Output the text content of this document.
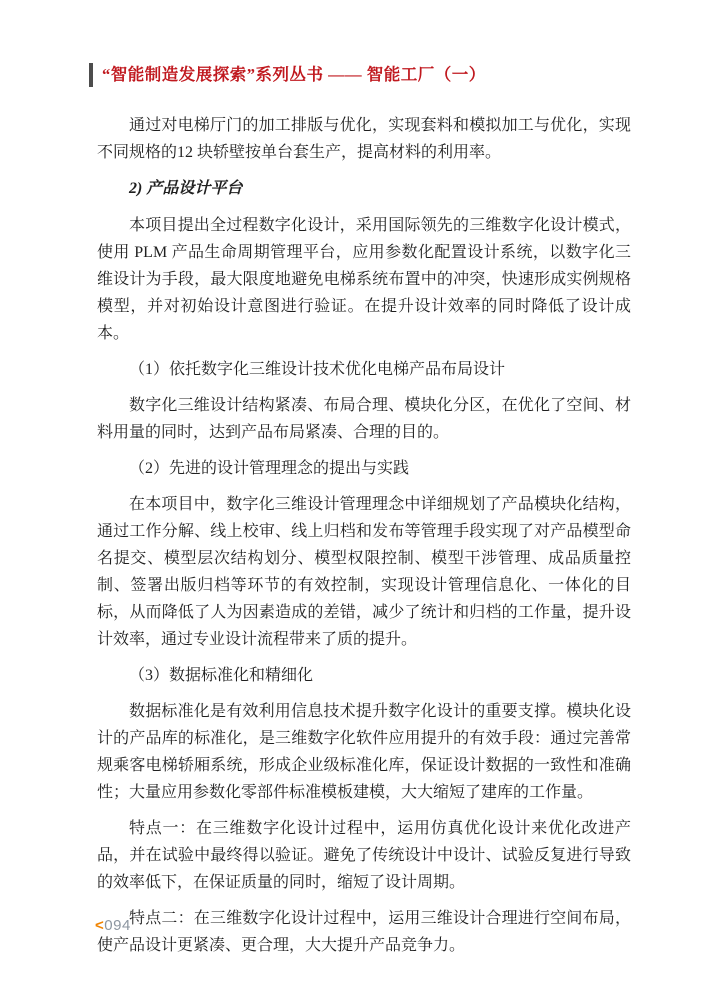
“智能制造发展探索”系列丛书 —— 智能工厂（一）

通过对电梯厅门的加工排版与优化，实现套料和模拟加工与优化，实现不同规格的12 块轿壁按单台套生产，提高材料的利用率。

2) 产品设计平台

本项目提出全过程数字化设计，采用国际领先的三维数字化设计模式，使用 PLM 产品生命周期管理平台，应用参数化配置设计系统，以数字化三维设计为手段，最大限度地避免电梯系统布置中的冲突，快速形成实例规格模型，并对初始设计意图进行验证。在提升设计效率的同时降低了设计成本。

（1）依托数字化三维设计技术优化电梯产品布局设计

数字化三维设计结构紧凑、布局合理、模块化分区，在优化了空间、材料用量的同时，达到产品布局紧凑、合理的目的。

（2）先进的设计管理理念的提出与实践

在本项目中，数字化三维设计管理理念中详细规划了产品模块化结构，通过工作分解、线上校审、线上归档和发布等管理手段实现了对产品模型命名提交、模型层次结构划分、模型权限控制、模型干涉管理、成品质量控制、签署出版归档等环节的有效控制，实现设计管理信息化、一体化的目标，从而降低了人为因素造成的差错，减少了统计和归档的工作量，提升设计效率，通过专业设计流程带来了质的提升。

（3）数据标准化和精细化

数据标准化是有效利用信息技术提升数字化设计的重要支撑。模块化设计的产品库的标准化，是三维数字化软件应用提升的有效手段：通过完善常规乘客电梯轿厢系统，形成企业级标准化库，保证设计数据的一致性和准确性；大量应用参数化零部件标准模板建模，大大缩短了建库的工作量。

特点一：在三维数字化设计过程中，运用仿真优化设计来优化改进产品，并在试验中最终得以验证。避免了传统设计中设计、试验反复进行导致的效率低下，在保证质量的同时，缩短了设计周期。

特点二：在三维数字化设计过程中，运用三维设计合理进行空间布局，使产品设计更紧凑、更合理，大大提升产品竞争力。

<094
